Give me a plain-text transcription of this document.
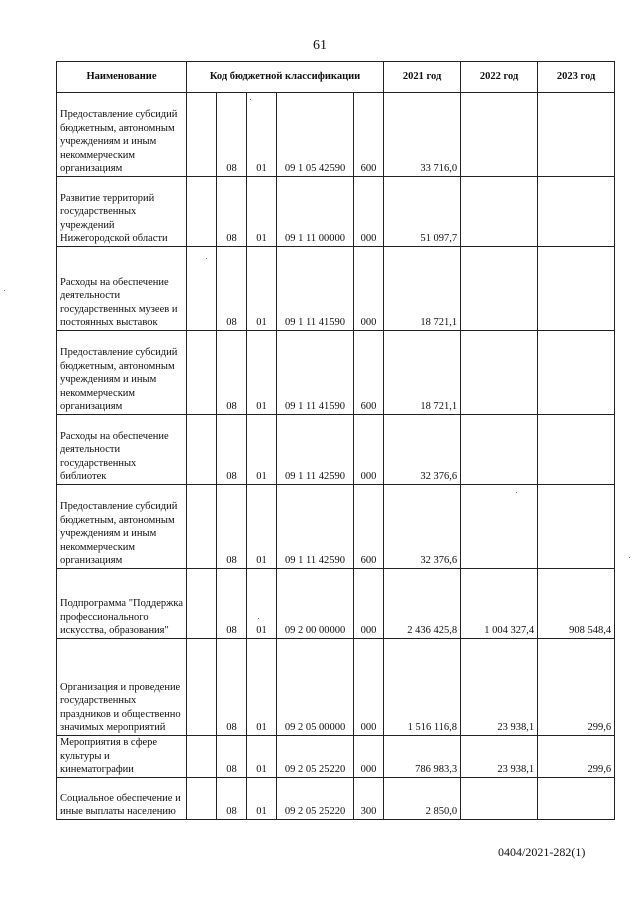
61
Наименование	Код бюджетной классификации					2021 год	2022 год	2023 год
Предоставление субсидий бюджетным, автономным учреждениям и иным некоммерческим организациям		08	01	09 1 05 42590	600	33 716,0		
Развитие территорий государственных учреждений Нижегородской области		08	01	09 1 11 00000	000	51 097,7		
Расходы на обеспечение деятельности государственных музеев и постоянных выставок		08	01	09 1 11 41590	000	18 721,1		
Предоставление субсидий бюджетным, автономным учреждениям и иным некоммерческим организациям		08	01	09 1 11 41590	600	18 721,1		
Расходы на обеспечение деятельности государственных библиотек		08	01	09 1 11 42590	000	32 376,6		
Предоставление субсидий бюджетным, автономным учреждениям и иным некоммерческим организациям		08	01	09 1 11 42590	600	32 376,6		
Подпрограмма "Поддержка профессионального искусства, образования"		08	01	09 2 00 00000	000	2 436 425,8	1 004 327,4	908 548,4
Организация и проведение государственных праздников и общественно значимых мероприятий		08	01	09 2 05 00000	000	1 516 116,8	23 938,1	299,6
Мероприятия в сфере культуры и кинематографии		08	01	09 2 05 25220	000	786 983,3	23 938,1	299,6
Социальное обеспечение и иные выплаты населению		08	01	09 2 05 25220	300	2 850,0		
0404/2021-282(1)
